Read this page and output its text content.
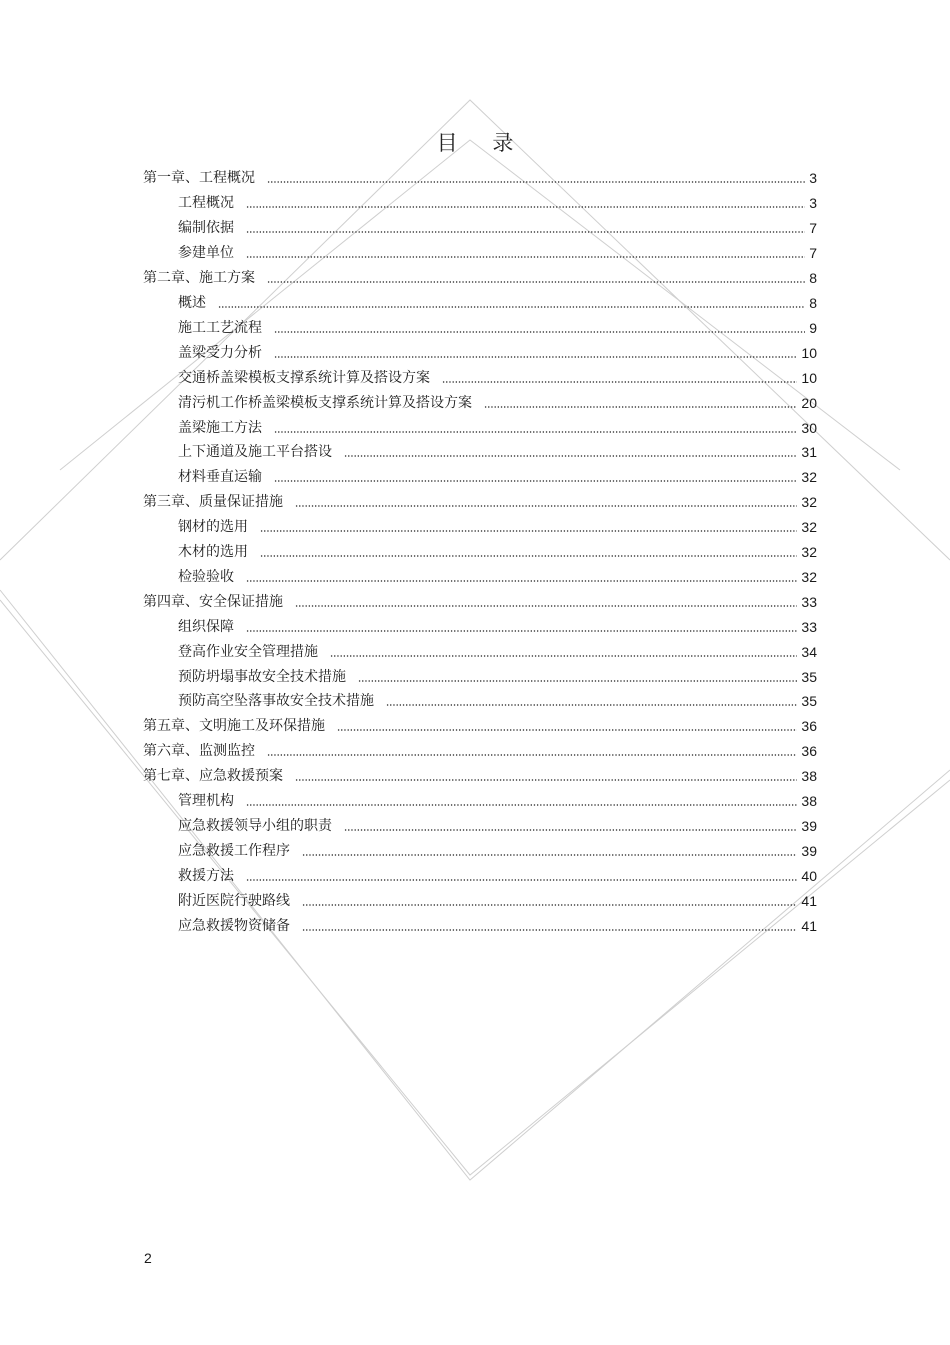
目 录
第一章、工程概况	3
工程概况	3
编制依据	7
参建单位	7
第二章、施工方案	8
概述	8
施工工艺流程	9
盖梁受力分析	10
交通桥盖梁模板支撑系统计算及搭设方案	10
清污机工作桥盖梁模板支撑系统计算及搭设方案	20
盖梁施工方法	30
上下通道及施工平台搭设	31
材料垂直运输	32
第三章、质量保证措施	32
钢材的选用	32
木材的选用	32
检验验收	32
第四章、安全保证措施	33
组织保障	33
登高作业安全管理措施	34
预防坍塌事故安全技术措施	35
预防高空坠落事故安全技术措施	35
第五章、文明施工及环保措施	36
第六章、监测监控	36
第七章、应急救援预案	38
管理机构	38
应急救援领导小组的职责	39
应急救援工作程序	39
救援方法	40
附近医院行驶路线	41
应急救援物资储备	41
2
